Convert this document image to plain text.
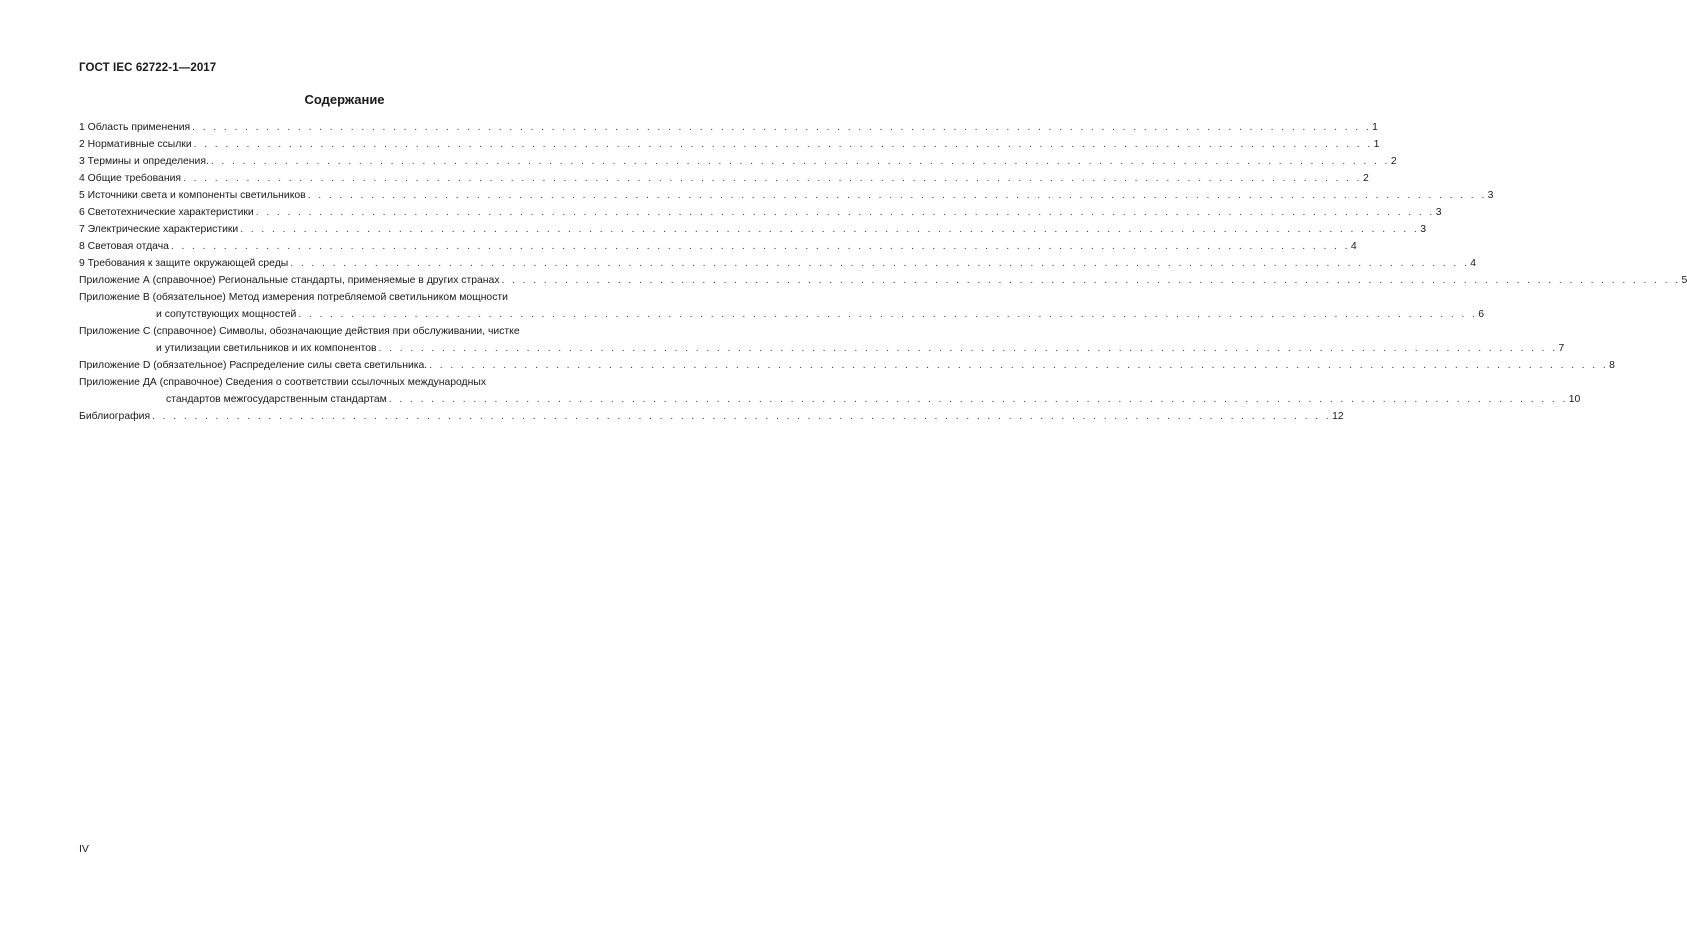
ГОСТ IEC 62722-1—2017
Содержание
1 Область применения . . . . . . . . . . . . . . . . . . . . . . . . . . . . . . . . . . . . . . . . . . . . . . . . . . . . . . . . . . . . . . . . . . . . . . . . . . . . . . . . . . . . . . . . . . . . . . . . . . . . . . . . . . . . . . . . 1
2 Нормативные ссылки . . . . . . . . . . . . . . . . . . . . . . . . . . . . . . . . . . . . . . . . . . . . . . . . . . . . . . . . . . . . . . . . . . . . . . . . . . . . . . . . . . . . . . . . . . . . . . . . . . . . . . . . . . . . . . . . 1
3 Термины и определения. . . . . . . . . . . . . . . . . . . . . . . . . . . . . . . . . . . . . . . . . . . . . . . . . . . . . . . . . . . . . . . . . . . . . . . . . . . . . . . . . . . . . . . . . . . . . . . . . . . . . . . . . . . . . . . . . 2
4 Общие требования . . . . . . . . . . . . . . . . . . . . . . . . . . . . . . . . . . . . . . . . . . . . . . . . . . . . . . . . . . . . . . . . . . . . . . . . . . . . . . . . . . . . . . . . . . . . . . . . . . . . . . . . . . . . . . . . 2
5 Источники света и компоненты светильников . . . . . . . . . . . . . . . . . . . . . . . . . . . . . . . . . . . . . . . . . . . . . . . . . . . . . . . . . . . . . . . . . . . . . . . . . . . . . . . . . . . . . . . . . . . . . . . . . . . . . . . . . . . . . . . . 3
6 Светотехнические характеристики . . . . . . . . . . . . . . . . . . . . . . . . . . . . . . . . . . . . . . . . . . . . . . . . . . . . . . . . . . . . . . . . . . . . . . . . . . . . . . . . . . . . . . . . . . . . . . . . . . . . . . . . . . . . . . . . 3
7 Электрические характеристики . . . . . . . . . . . . . . . . . . . . . . . . . . . . . . . . . . . . . . . . . . . . . . . . . . . . . . . . . . . . . . . . . . . . . . . . . . . . . . . . . . . . . . . . . . . . . . . . . . . . . . . . . . . . . . . . 3
8 Световая отдача . . . . . . . . . . . . . . . . . . . . . . . . . . . . . . . . . . . . . . . . . . . . . . . . . . . . . . . . . . . . . . . . . . . . . . . . . . . . . . . . . . . . . . . . . . . . . . . . . . . . . . . . . . . . . . . . 4
9 Требования к защите окружающей среды . . . . . . . . . . . . . . . . . . . . . . . . . . . . . . . . . . . . . . . . . . . . . . . . . . . . . . . . . . . . . . . . . . . . . . . . . . . . . . . . . . . . . . . . . . . . . . . . . . . . . . . . . . . . . . . . 4
Приложение А (справочное) Региональные стандарты, применяемые в других странах . . . . . . . . . . . . . . . . . . . . . . . . . . . . . . . . . . . . . . . . . . . . . . . . . . . . . . . . . . . . . . . . . . . . . . . . . . . . . . . . . . . . . . . . . . . . . . . . . . . . . . . . . . . . . . . . 5
Приложение В (обязательное) Метод измерения потребляемой светильником мощности
и сопутствующих мощностей . . . . . . . . . . . . . . . . . . . . . . . . . . . . . . . . . . . . . . . . . . . . . . . . . . . . . . . . . . . . . . . . . . . . . . . . . . . . . . . . . . . . . . . . . . . . . . . . . . . . . . . . . . . . . . . . 6
Приложение С (справочное) Символы, обозначающие действия при обслуживании, чистке
и утилизации светильников и их компонентов . . . . . . . . . . . . . . . . . . . . . . . . . . . . . . . . . . . . . . . . . . . . . . . . . . . . . . . . . . . . . . . . . . . . . . . . . . . . . . . . . . . . . . . . . . . . . . . . . . . . . . . . . . . . . . . . 7
Приложение D (обязательное) Распределение силы света светильника. . . . . . . . . . . . . . . . . . . . . . . . . . . . . . . . . . . . . . . . . . . . . . . . . . . . . . . . . . . . . . . . . . . . . . . . . . . . . . . . . . . . . . . . . . . . . . . . . . . . . . . . . . . . . . . . . 8
Приложение ДА (справочное) Сведения о соответствии ссылочных международных
стандартов межгосударственным стандартам . . . . . . . . . . . . . . . . . . . . . . . . . . . . . . . . . . . . . . . . . . . . . . . . . . . . . . . . . . . . . . . . . . . . . . . . . . . . . . . . . . . . . . . . . . . . . . . . . . . . . . . . . . . . . . . . 10
Библиография . . . . . . . . . . . . . . . . . . . . . . . . . . . . . . . . . . . . . . . . . . . . . . . . . . . . . . . . . . . . . . . . . . . . . . . . . . . . . . . . . . . . . . . . . . . . . . . . . . . . . . . . . . . . . . . . 12
IV
